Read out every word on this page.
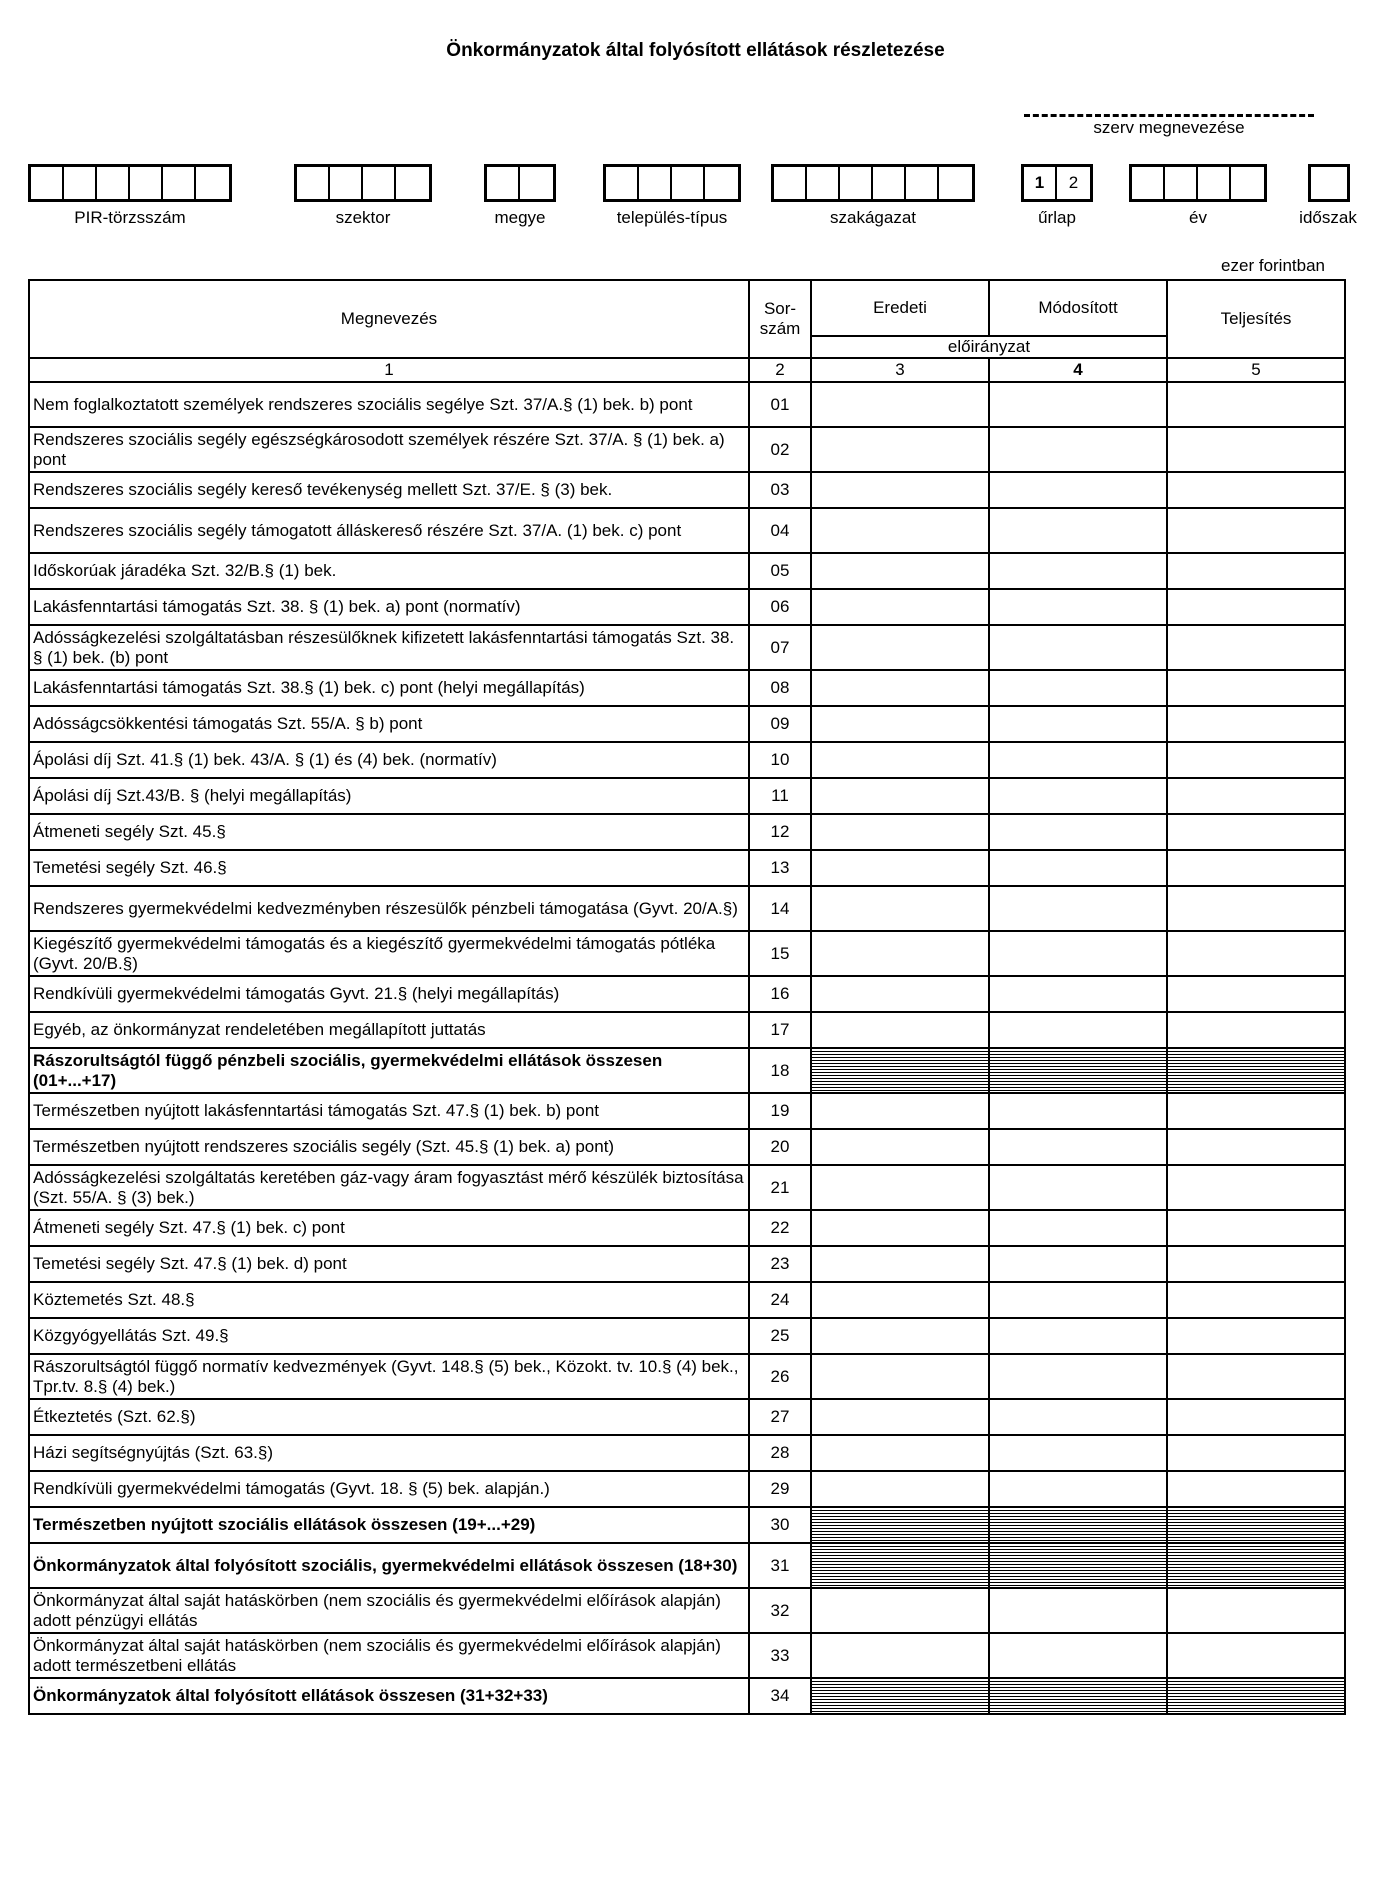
Önkormányzatok által folyósított ellátások részletezése
szerv megnevezése
PIR-törzsszám	szektor	megye	település-típus	szakágazat
1	2
űrlap	év	időszak
ezer forintban
Megnevezés	Sor-
szám	Eredeti	Módosított	Teljesítés
		előirányzat		
1	2	3	4	5
Nem foglalkoztatott személyek rendszeres szociális segélye Szt. 37/A.§ (1) bek. b) pont	01			
Rendszeres szociális segély egészségkárosodott személyek részére Szt. 37/A. § (1) bek. a) pont	02			
Rendszeres szociális segély kereső tevékenység mellett Szt. 37/E. § (3) bek.	03			
Rendszeres szociális segély támogatott álláskereső részére Szt. 37/A. (1) bek. c) pont	04			
Időskorúak járadéka Szt. 32/B.§ (1) bek.	05			
Lakásfenntartási támogatás Szt. 38. § (1) bek. a) pont (normatív)	06			
Adósságkezelési szolgáltatásban részesülőknek kifizetett lakásfenntartási támogatás Szt. 38. § (1) bek. (b) pont	07			
Lakásfenntartási támogatás Szt. 38.§ (1) bek. c) pont (helyi megállapítás)	08			
Adósságcsökkentési támogatás Szt. 55/A. § b) pont	09			
Ápolási díj Szt. 41.§ (1) bek. 43/A. § (1) és (4) bek. (normatív)	10			
Ápolási díj Szt.43/B. § (helyi megállapítás)	11			
Átmeneti segély Szt. 45.§	12			
Temetési segély Szt. 46.§	13			
Rendszeres gyermekvédelmi kedvezményben részesülők pénzbeli támogatása (Gyvt. 20/A.§)	14			
Kiegészítő gyermekvédelmi támogatás és a kiegészítő gyermekvédelmi támogatás pótléka (Gyvt. 20/B.§)	15			
Rendkívüli gyermekvédelmi támogatás Gyvt. 21.§ (helyi megállapítás)	16			
Egyéb, az önkormányzat rendeletében megállapított juttatás	17			
Rászorultságtól függő pénzbeli szociális, gyermekvédelmi ellátások összesen (01+...+17)	18			
Természetben nyújtott lakásfenntartási támogatás Szt. 47.§ (1) bek. b) pont	19			
Természetben nyújtott rendszeres szociális segély (Szt. 45.§ (1) bek. a) pont)	20			
Adósságkezelési szolgáltatás keretében gáz-vagy áram fogyasztást mérő készülék biztosítása (Szt. 55/A. § (3) bek.)	21			
Átmeneti segély Szt. 47.§ (1) bek. c) pont	22			
Temetési segély Szt. 47.§ (1) bek. d) pont	23			
Köztemetés Szt. 48.§	24			
Közgyógyellátás Szt. 49.§	25			
Rászorultságtól függő normatív kedvezmények (Gyvt. 148.§ (5) bek., Közokt. tv. 10.§ (4) bek., Tpr.tv. 8.§ (4) bek.)	26			
Étkeztetés (Szt. 62.§)	27			
Házi segítségnyújtás (Szt. 63.§)	28			
Rendkívüli gyermekvédelmi támogatás (Gyvt. 18. § (5) bek. alapján.)	29			
Természetben nyújtott szociális ellátások összesen (19+...+29)	30			
Önkormányzatok által folyósított szociális, gyermekvédelmi ellátások összesen (18+30)	31			
Önkormányzat által saját hatáskörben (nem szociális és gyermekvédelmi előírások alapján) adott pénzügyi ellátás	32			
Önkormányzat által saját hatáskörben (nem szociális és gyermekvédelmi előírások alapján) adott természetbeni ellátás	33			
Önkormányzatok által folyósított ellátások összesen (31+32+33)	34			
